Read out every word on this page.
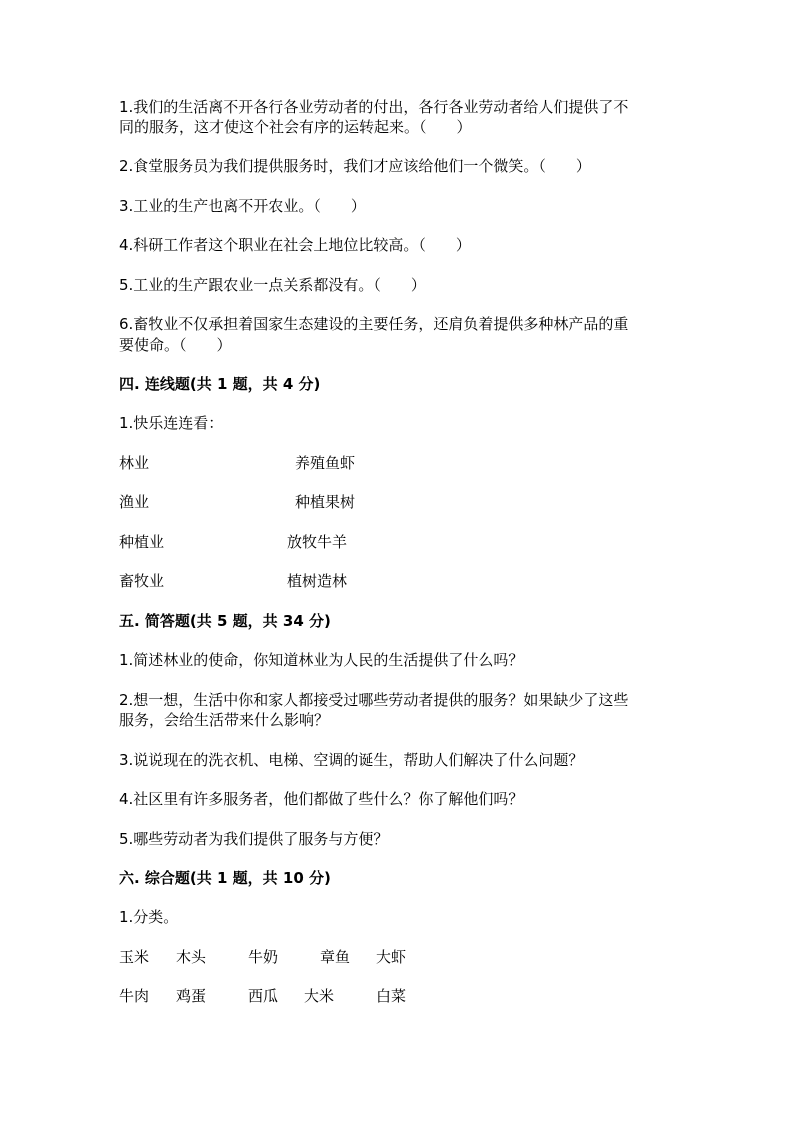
1.我们的生活离不开各行各业劳动者的付出，各行各业劳动者给人们提供了不
同的服务，这才使这个社会有序的运转起来。（　　）
2.食堂服务员为我们提供服务时，我们才应该给他们一个微笑。（　　）
3.工业的生产也离不开农业。（　　）
4.科研工作者这个职业在社会上地位比较高。（　　）
5.工业的生产跟农业一点关系都没有。（　　）
6.畜牧业不仅承担着国家生态建设的主要任务，还肩负着提供多种林产品的重
要使命。（　　）
四. 连线题(共 1 题，共 4 分)
1.快乐连连看：
林业	养殖鱼虾
渔业	种植果树
种植业	放牧牛羊
畜牧业	植树造林
五. 简答题(共 5 题，共 34 分)
1.简述林业的使命，你知道林业为人民的生活提供了什么吗？
2.想一想，生活中你和家人都接受过哪些劳动者提供的服务？如果缺少了这些
服务，会给生活带来什么影响？
3.说说现在的洗衣机、电梯、空调的诞生，帮助人们解决了什么问题？
4.社区里有许多服务者，他们都做了些什么？你了解他们吗？
5.哪些劳动者为我们提供了服务与方便？
六. 综合题(共 1 题，共 10 分)
1.分类。
玉米 木头	牛奶	章鱼 大虾
牛肉 鸡蛋	西瓜 大米	白菜
